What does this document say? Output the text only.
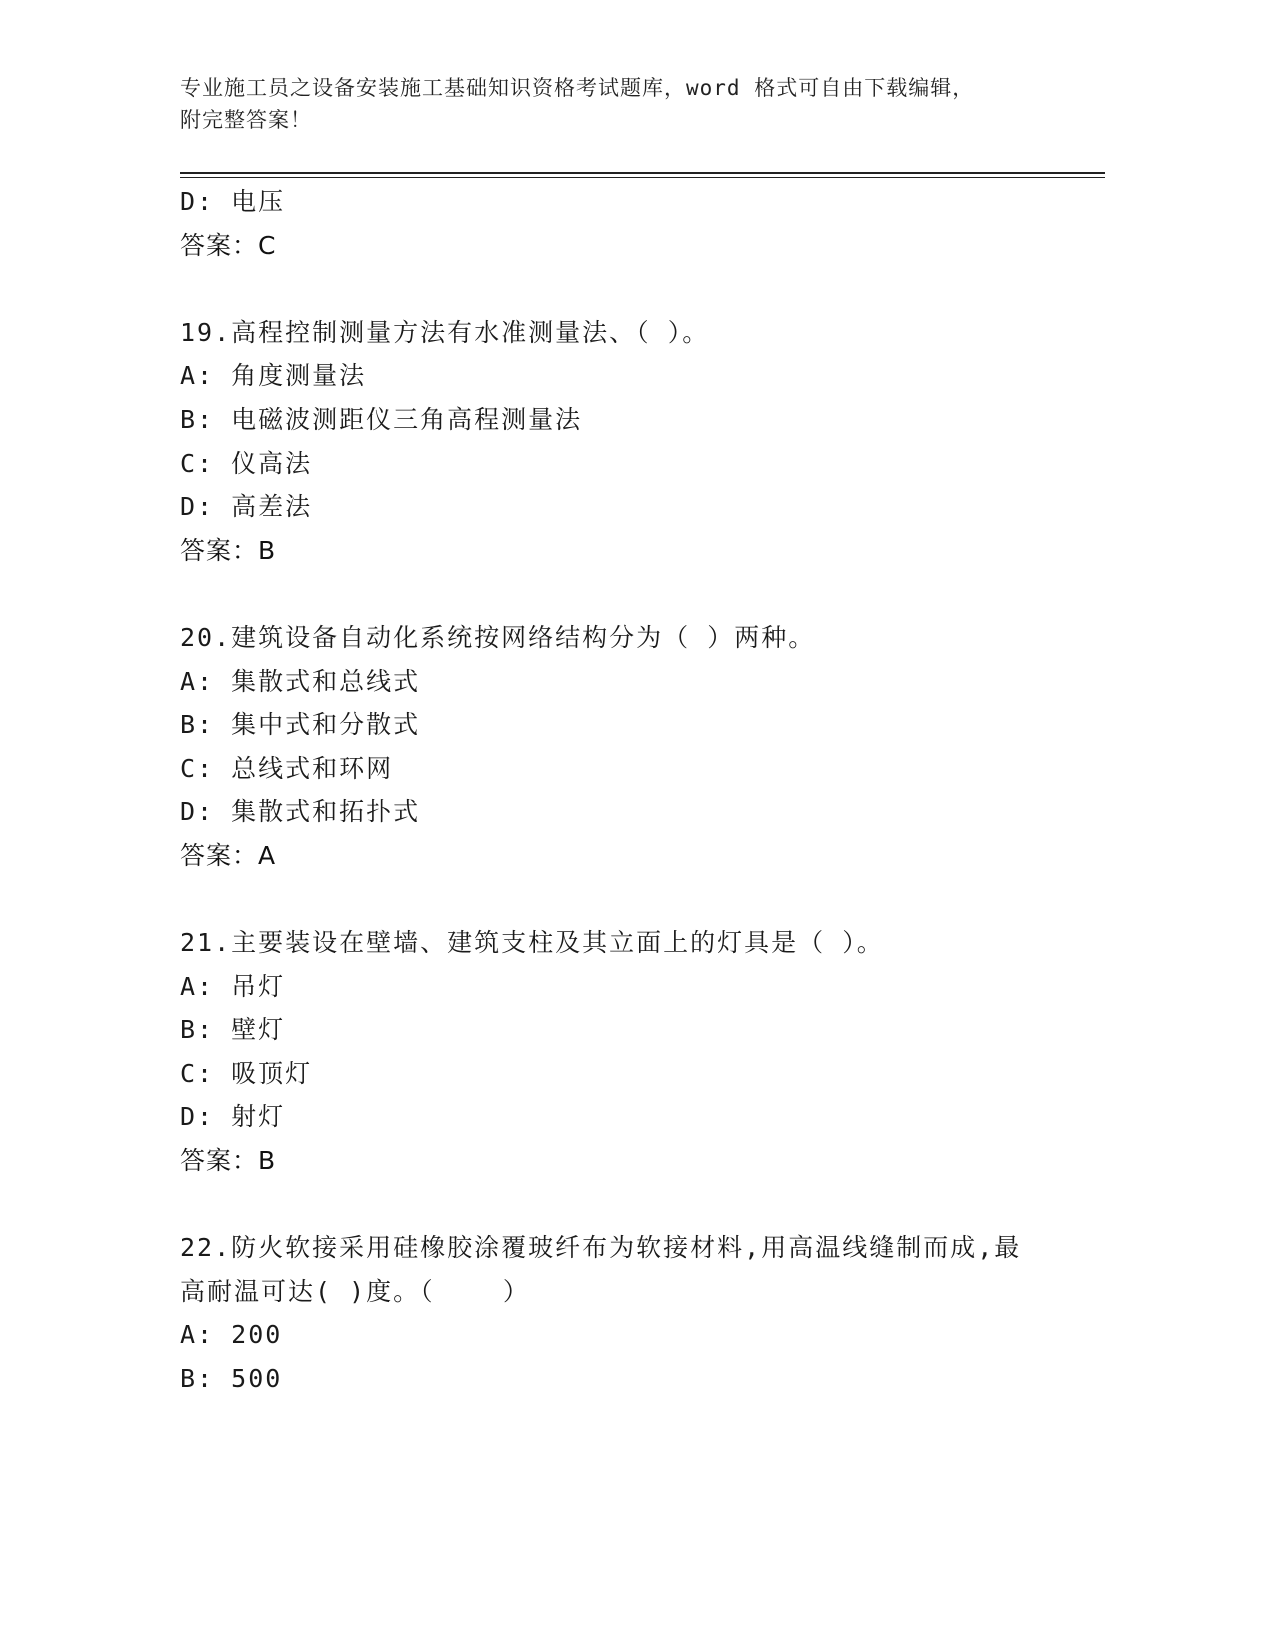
专业施工员之设备安装施工基础知识资格考试题库，word 格式可自由下载编辑，
附完整答案！
D: 电压
答案：C
19.高程控制测量方法有水准测量法、（ ）。
A: 角度测量法
B: 电磁波测距仪三角高程测量法
C: 仪高法
D: 高差法
答案：B
20.建筑设备自动化系统按网络结构分为（ ）两种。
A: 集散式和总线式
B: 集中式和分散式
C: 总线式和环网
D: 集散式和拓扑式
答案：A
21.主要装设在壁墙、建筑支柱及其立面上的灯具是（ ）。
A: 吊灯
B: 壁灯
C: 吸顶灯
D: 射灯
答案：B
22.防火软接采用硅橡胶涂覆玻纤布为软接材料,用高温线缝制而成,最
高耐温可达( )度。（    ）
A: 200
B: 500
